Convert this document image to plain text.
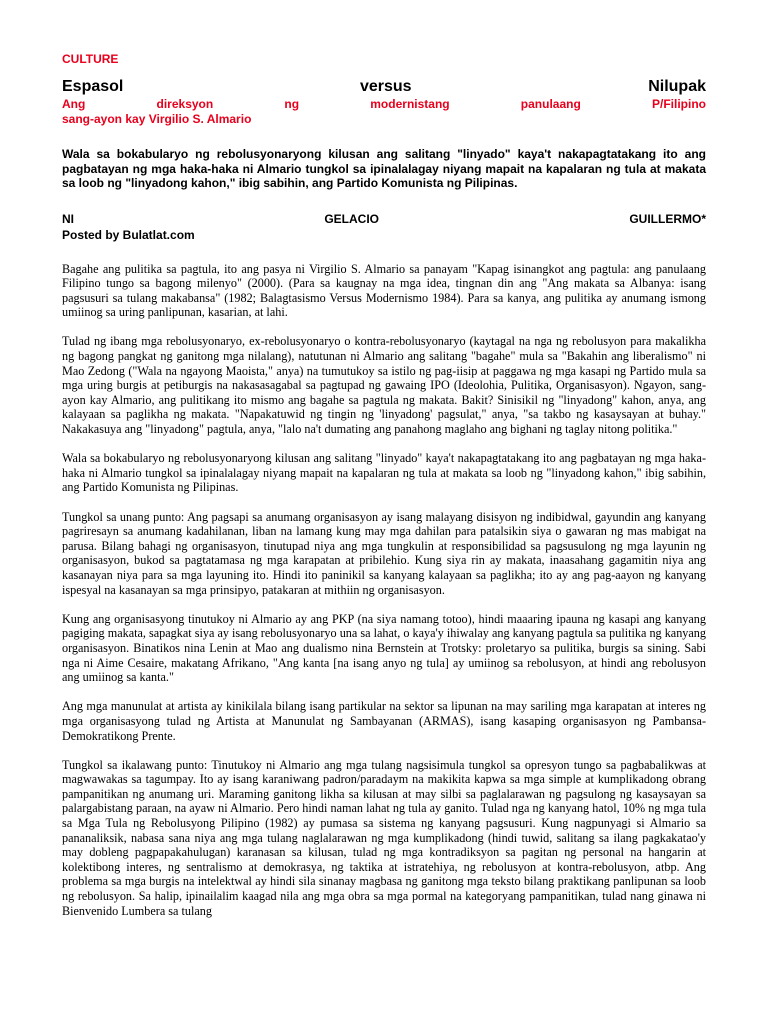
CULTURE
Espasol	versus	Nilupak
Ang	direksyon	ng	modernistang	panulaang	P/Filipino
sang-ayon kay Virgilio S. Almario
Wala sa bokabularyo ng rebolusyonaryong kilusan ang salitang "linyado" kaya't nakapagtatakang ito ang pagbatayan ng mga haka-haka ni Almario tungkol sa ipinalalagay niyang mapait na kapalaran ng tula at makata sa loob ng "linyadong kahon," ibig sabihin, ang Partido Komunista ng Pilipinas.
NI	GELACIO	GUILLERMO*
Posted by Bulatlat.com

Bagahe ang pulitika sa pagtula, ito ang pasya ni Virgilio S. Almario sa panayam "Kapag isinangkot ang pagtula: ang panulaang Filipino tungo sa bagong milenyo" (2000). (Para sa kaugnay na mga idea, tingnan din ang "Ang makata sa Albanya: isang pagsusuri sa tulang makabansa" (1982; Balagtasismo Versus Modernismo 1984). Para sa kanya, ang pulitika ay anumang ismong umiinog sa uring panlipunan, kasarian, at lahi.

Tulad ng ibang mga rebolusyonaryo, ex-rebolusyonaryo o kontra-rebolusyonaryo (kaytagal na nga ng rebolusyon para makalikha ng bagong pangkat ng ganitong mga nilalang), natutunan ni Almario ang salitang "bagahe" mula sa "Bakahin ang liberalismo" ni Mao Zedong ("Wala na ngayong Maoista," anya) na tumutukoy sa istilo ng pag-iisip at paggawa ng mga kasapi ng Partido mula sa mga uring burgis at petiburgis na nakasasagabal sa pagtupad ng gawaing IPO (Ideolohia, Pulitika, Organisasyon). Ngayon, sang-ayon kay Almario, ang pulitikang ito mismo ang bagahe sa pagtula ng makata. Bakit? Sinisikil ng "linyadong" kahon, anya, ang kalayaan sa paglikha ng makata. "Napakatuwid ng tingin ng 'linyadong' pagsulat," anya, "sa takbo ng kasaysayan at buhay." Nakakasuya ang "linyadong" pagtula, anya, "lalo na't dumating ang panahong maglaho ang bighani ng taglay nitong politika."

Wala sa bokabularyo ng rebolusyonaryong kilusan ang salitang "linyado" kaya't nakapagtatakang ito ang pagbatayan ng mga haka-haka ni Almario tungkol sa ipinalalagay niyang mapait na kapalaran ng tula at makata sa loob ng "linyadong kahon," ibig sabihin, ang Partido Komunista ng Pilipinas.

Tungkol sa unang punto: Ang pagsapi sa anumang organisasyon ay isang malayang disisyon ng indibidwal, gayundin ang kanyang pagriresayn sa anumang kadahilanan, liban na lamang kung may mga dahilan para patalsikin siya o gawaran ng mas mabigat na parusa. Bilang bahagi ng organisasyon, tinutupad niya ang mga tungkulin at responsibilidad sa pagsusulong ng mga layunin ng organisasyon, bukod sa pagtatamasa ng mga karapatan at pribilehio. Kung siya rin ay makata, inaasahang gagamitin niya ang kasanayan niya para sa mga layuning ito. Hindi ito paninikil sa kanyang kalayaan sa paglikha; ito ay ang pag-aayon ng kanyang ispesyal na kasanayan sa mga prinsipyo, patakaran at mithiin ng organisasyon.

Kung ang organisasyong tinutukoy ni Almario ay ang PKP (na siya namang totoo), hindi maaaring ipauna ng kasapi ang kanyang pagiging makata, sapagkat siya ay isang rebolusyonaryo una sa lahat, o kaya'y ihiwalay ang kanyang pagtula sa pulitika ng kanyang organisasyon. Binatikos nina Lenin at Mao ang dualismo nina Bernstein at Trotsky: proletaryo sa pulitika, burgis sa sining. Sabi nga ni Aime Cesaire, makatang Afrikano, "Ang kanta [na isang anyo ng tula] ay umiinog sa rebolusyon, at hindi ang rebolusyon ang umiinog sa kanta."

Ang mga manunulat at artista ay kinikilala bilang isang partikular na sektor sa lipunan na may sariling mga karapatan at interes ng mga organisasyong tulad ng Artista at Manunulat ng Sambayanan (ARMAS), isang kasaping organisasyon ng Pambansa-Demokratikong Prente.

Tungkol sa ikalawang punto: Tinutukoy ni Almario ang mga tulang nagsisimula tungkol sa opresyon tungo sa pagbabalikwas at magwawakas sa tagumpay. Ito ay isang karaniwang padron/paradaym na makikita kapwa sa mga simple at kumplikadong obrang pampanitikan ng anumang uri. Maraming ganitong likha sa kilusan at may silbi sa paglalarawan ng pagsulong ng kasaysayan sa palargabistang paraan, na ayaw ni Almario. Pero hindi naman lahat ng tula ay ganito. Tulad nga ng kanyang hatol, 10% ng mga tula sa Mga Tula ng Rebolusyong Pilipino (1982) ay pumasa sa sistema ng kanyang pagsusuri. Kung nagpunyagi si Almario sa pananaliksik, nabasa sana niya ang mga tulang naglalarawan ng mga kumplikadong (hindi tuwid, salitang sa ilang pagkakatao'y may dobleng pagpapakahulugan) karanasan sa kilusan, tulad ng mga kontradiksyon sa pagitan ng personal na hangarin at kolektibong interes, ng sentralismo at demokrasya, ng taktika at istratehiya, ng rebolusyon at kontra-rebolusyon, atbp. Ang problema sa mga burgis na intelektwal ay hindi sila sinanay magbasa ng ganitong mga teksto bilang praktikang panlipunan sa loob ng rebolusyon. Sa halip, ipinailalim kaagad nila ang mga obra sa mga pormal na kategoryang pampanitikan, tulad nang ginawa ni Bienvenido Lumbera sa tulang
